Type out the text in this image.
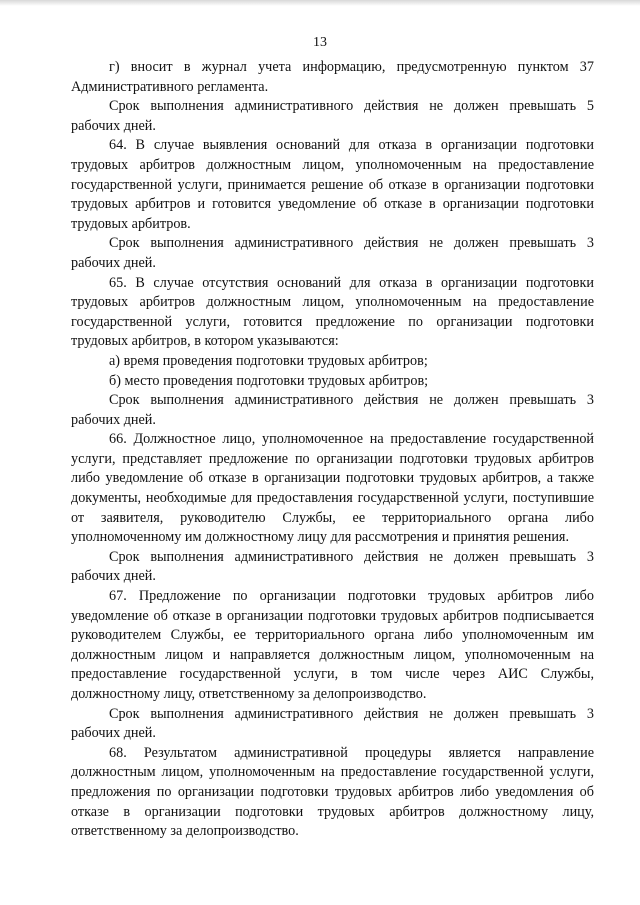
13

г) вносит в журнал учета информацию, предусмотренную пунктом 37 Административного регламента.

Срок выполнения административного действия не должен превышать 5 рабочих дней.

64. В случае выявления оснований для отказа в организации подготовки трудовых арбитров должностным лицом, уполномоченным на предоставление государственной услуги, принимается решение об отказе в организации подготовки трудовых арбитров и готовится уведомление об отказе в организации подготовки трудовых арбитров.

Срок выполнения административного действия не должен превышать 3 рабочих дней.

65. В случае отсутствия оснований для отказа в организации подготовки трудовых арбитров должностным лицом, уполномоченным на предоставление государственной услуги, готовится предложение по организации подготовки трудовых арбитров, в котором указываются:

а) время проведения подготовки трудовых арбитров;

б) место проведения подготовки трудовых арбитров;

Срок выполнения административного действия не должен превышать 3 рабочих дней.

66. Должностное лицо, уполномоченное на предоставление государственной услуги, представляет предложение по организации подготовки трудовых арбитров либо уведомление об отказе в организации подготовки трудовых арбитров, а также документы, необходимые для предоставления государственной услуги, поступившие от заявителя, руководителю Службы, ее территориального органа либо уполномоченному им должностному лицу для рассмотрения и принятия решения.

Срок выполнения административного действия не должен превышать 3 рабочих дней.

67. Предложение по организации подготовки трудовых арбитров либо уведомление об отказе в организации подготовки трудовых арбитров подписывается руководителем Службы, ее территориального органа либо уполномоченным им должностным лицом и направляется должностным лицом, уполномоченным на предоставление государственной услуги, в том числе через АИС Службы, должностному лицу, ответственному за делопроизводство.

Срок выполнения административного действия не должен превышать 3 рабочих дней.

68. Результатом административной процедуры является направление должностным лицом, уполномоченным на предоставление государственной услуги, предложения по организации подготовки трудовых арбитров либо уведомления об отказе в организации подготовки трудовых арбитров должностному лицу, ответственному за делопроизводство.
